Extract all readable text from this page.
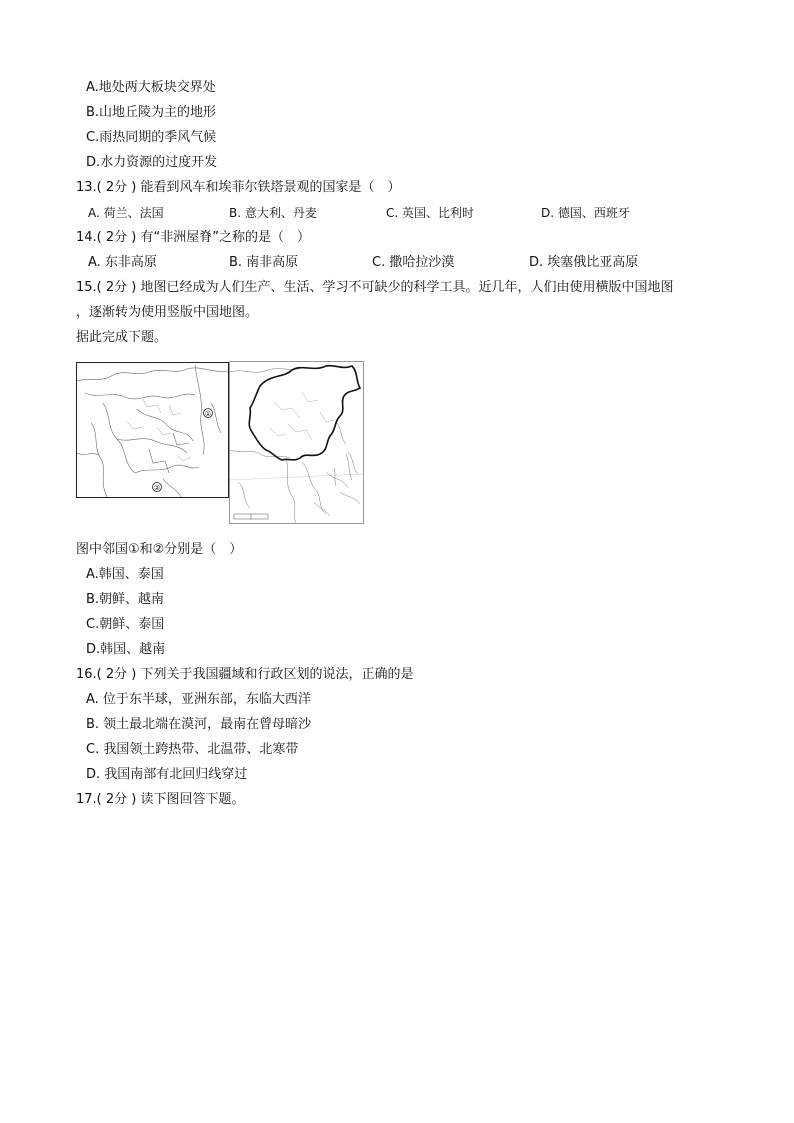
A.地处两大板块交界处
B.山地丘陵为主的地形
C.雨热同期的季风气候
D.水力资源的过度开发
13.( 2分 ) 能看到风车和埃菲尔铁塔景观的国家是（　）
A. 荷兰、法国	B. 意大利、丹麦	C. 英国、比利时	D. 德国、西班牙
14.( 2分 ) 有“非洲屋脊”之称的是（　）
A. 东非高原	B. 南非高原	C. 撒哈拉沙漠	D. 埃塞俄比亚高原
15.( 2分 ) 地图已经成为人们生产、生活、学习不可缺少的科学工具。近几年，人们由使用横版中国地图
，逐渐转为使用竖版中国地图。
据此完成下题。
①
②
图中邻国①和②分别是（　）
A.韩国、泰国
B.朝鲜、越南
C.朝鲜、泰国
D.韩国、越南
16.( 2分 ) 下列关于我国疆域和行政区划的说法，正确的是
A. 位于东半球，亚洲东部，东临大西洋
B. 领土最北端在漠河，最南在曾母暗沙
C. 我国领土跨热带、北温带、北寒带
D. 我国南部有北回归线穿过
17.( 2分 ) 读下图回答下题。
